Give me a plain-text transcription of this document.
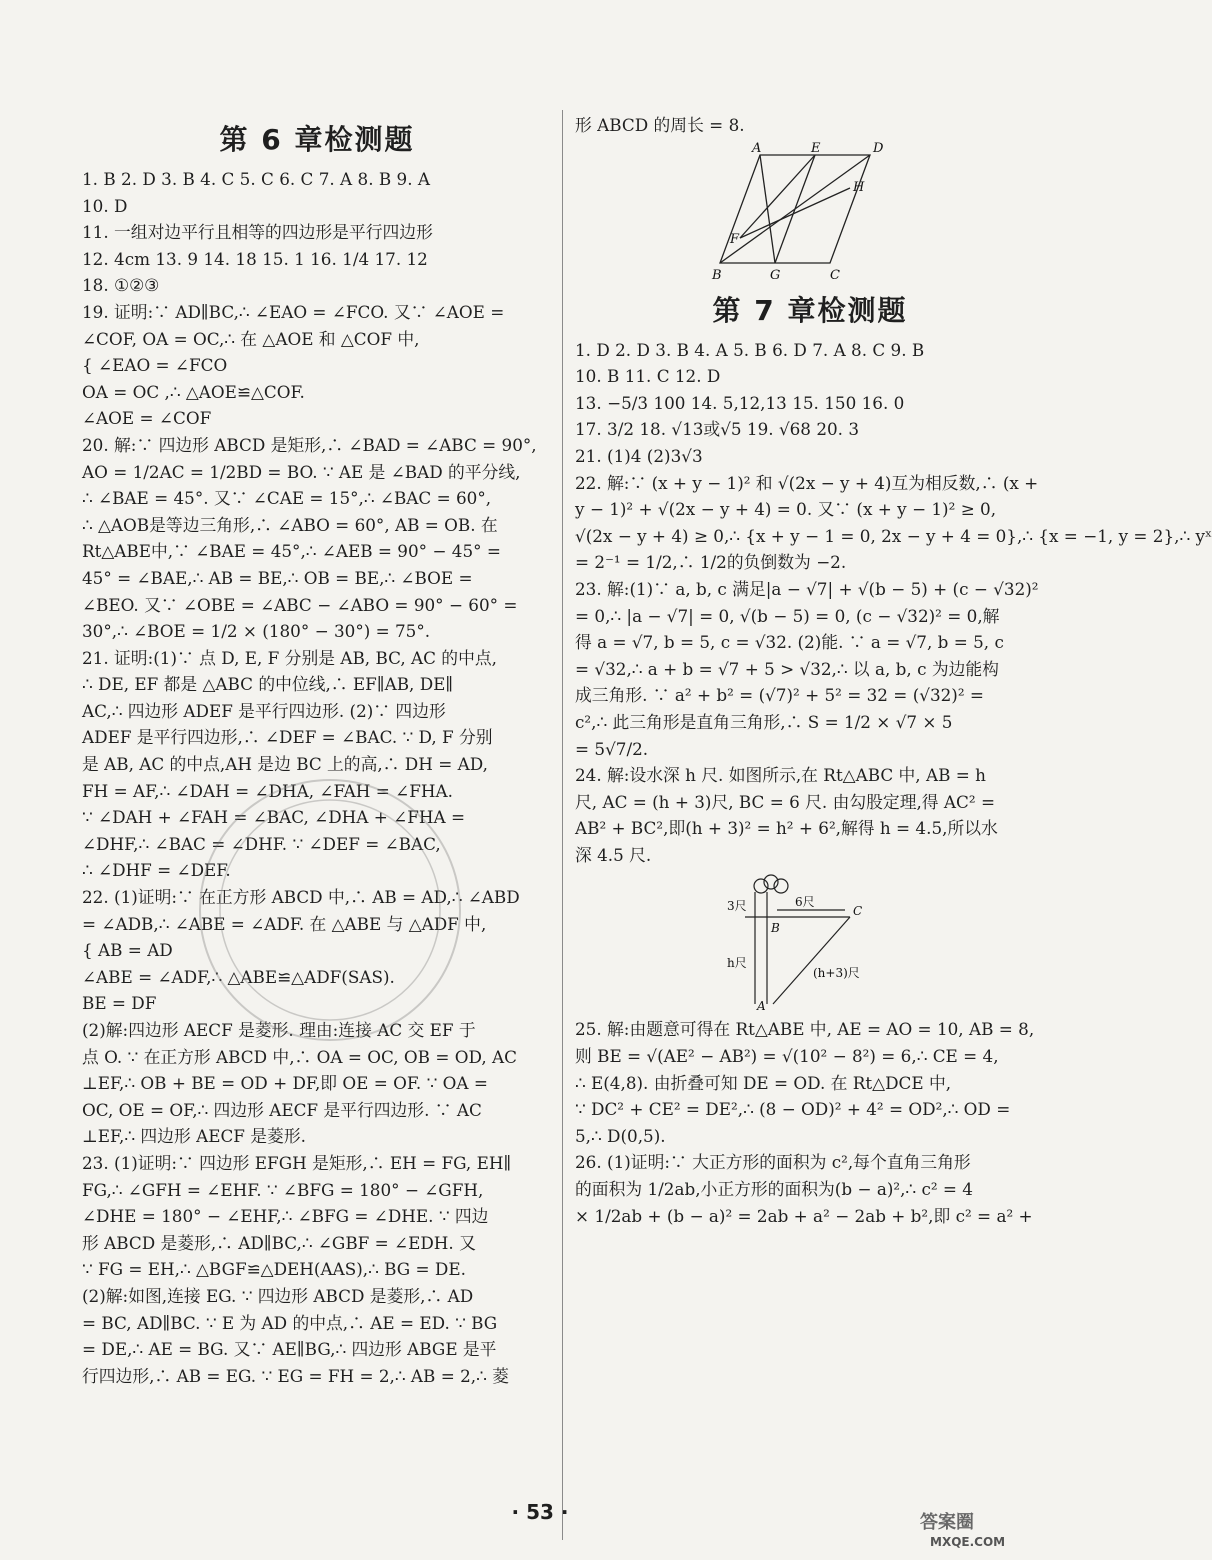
第 6 章检测题
1. B 2. D 3. B 4. C 5. C 6. C 7. A 8. B 9. A
10. D
11. 一组对边平行且相等的四边形是平行四边形
12. 4cm 13. 9 14. 18 15. 1 16. 1/4 17. 12
18. ①②③
19. 证明:∵ AD∥BC,∴ ∠EAO = ∠FCO. 又∵ ∠AOE =
∠COF, OA = OC,∴ 在 △AOE 和 △COF 中,
{ ∠EAO = ∠FCO
OA = OC ,∴ △AOE≌△COF.
∠AOE = ∠COF
20. 解:∵ 四边形 ABCD 是矩形,∴ ∠BAD = ∠ABC = 90°,
AO = 1/2AC = 1/2BD = BO. ∵ AE 是 ∠BAD 的平分线,
∴ ∠BAE = 45°. 又∵ ∠CAE = 15°,∴ ∠BAC = 60°,
∴ △AOB是等边三角形,∴ ∠ABO = 60°, AB = OB. 在
Rt△ABE中,∵ ∠BAE = 45°,∴ ∠AEB = 90° − 45° =
45° = ∠BAE,∴ AB = BE,∴ OB = BE,∴ ∠BOE =
∠BEO. 又∵ ∠OBE = ∠ABC − ∠ABO = 90° − 60° =
30°,∴ ∠BOE = 1/2 × (180° − 30°) = 75°.
21. 证明:(1)∵ 点 D, E, F 分别是 AB, BC, AC 的中点,
∴ DE, EF 都是 △ABC 的中位线,∴ EF∥AB, DE∥
AC,∴ 四边形 ADEF 是平行四边形. (2)∵ 四边形
ADEF 是平行四边形,∴ ∠DEF = ∠BAC. ∵ D, F 分别
是 AB, AC 的中点,AH 是边 BC 上的高,∴ DH = AD,
FH = AF,∴ ∠DAH = ∠DHA, ∠FAH = ∠FHA.
∵ ∠DAH + ∠FAH = ∠BAC, ∠DHA + ∠FHA =
∠DHF,∴ ∠BAC = ∠DHF. ∵ ∠DEF = ∠BAC,
∴ ∠DHF = ∠DEF.
22. (1)证明:∵ 在正方形 ABCD 中,∴ AB = AD,∴ ∠ABD
= ∠ADB,∴ ∠ABE = ∠ADF. 在 △ABE 与 △ADF 中,
{ AB = AD
∠ABE = ∠ADF,∴ △ABE≌△ADF(SAS).
BE = DF
(2)解:四边形 AECF 是菱形. 理由:连接 AC 交 EF 于
点 O. ∵ 在正方形 ABCD 中,∴ OA = OC, OB = OD, AC
⊥EF,∴ OB + BE = OD + DF,即 OE = OF. ∵ OA =
OC, OE = OF,∴ 四边形 AECF 是平行四边形. ∵ AC
⊥EF,∴ 四边形 AECF 是菱形.
23. (1)证明:∵ 四边形 EFGH 是矩形,∴ EH = FG, EH∥
FG,∴ ∠GFH = ∠EHF. ∵ ∠BFG = 180° − ∠GFH,
∠DHE = 180° − ∠EHF,∴ ∠BFG = ∠DHE. ∵ 四边
形 ABCD 是菱形,∴ AD∥BC,∴ ∠GBF = ∠EDH. 又
∵ FG = EH,∴ △BGF≌△DEH(AAS),∴ BG = DE.
(2)解:如图,连接 EG. ∵ 四边形 ABCD 是菱形,∴ AD
= BC, AD∥BC. ∵ E 为 AD 的中点,∴ AE = ED. ∵ BG
= DE,∴ AE = BG. 又∵ AE∥BG,∴ 四边形 ABGE 是平
行四边形,∴ AB = EG. ∵ EG = FH = 2,∴ AB = 2,∴ 菱
形 ABCD 的周长 = 8.
A	E	D
H
F
B	G	C
第 7 章检测题
1. D 2. D 3. B 4. A 5. B 6. D 7. A 8. C 9. B
10. B 11. C 12. D
13. −5/3 100 14. 5,12,13 15. 150 16. 0
17. 3/2 18. √13或√5 19. √68 20. 3
21. (1)4 (2)3√3
22. 解:∵ (x + y − 1)² 和 √(2x − y + 4)互为相反数,∴ (x +
y − 1)² + √(2x − y + 4) = 0. 又∵ (x + y − 1)² ≥ 0,
√(2x − y + 4) ≥ 0,∴ {x + y − 1 = 0, 2x − y + 4 = 0},∴ {x = −1, y = 2},∴ yˣ
= 2⁻¹ = 1/2,∴ 1/2的负倒数为 −2.
23. 解:(1)∵ a, b, c 满足|a − √7| + √(b − 5) + (c − √32)²
= 0,∴ |a − √7| = 0, √(b − 5) = 0, (c − √32)² = 0,解
得 a = √7, b = 5, c = √32. (2)能. ∵ a = √7, b = 5, c
= √32,∴ a + b = √7 + 5 > √32,∴ 以 a, b, c 为边能构
成三角形. ∵ a² + b² = (√7)² + 5² = 32 = (√32)² =
c²,∴ 此三角形是直角三角形,∴ S = 1/2 × √7 × 5
= 5√7/2.
24. 解:设水深 h 尺. 如图所示,在 Rt△ABC 中, AB = h
尺, AC = (h + 3)尺, BC = 6 尺. 由勾股定理,得 AC² =
AB² + BC²,即(h + 3)² = h² + 6²,解得 h = 4.5,所以水
深 4.5 尺.
3尺	6尺
C
B
h尺
(h+3)尺
A
25. 解:由题意可得在 Rt△ABE 中, AE = AO = 10, AB = 8,
则 BE = √(AE² − AB²) = √(10² − 8²) = 6,∴ CE = 4,
∴ E(4,8). 由折叠可知 DE = OD. 在 Rt△DCE 中,
∵ DC² + CE² = DE²,∴ (8 − OD)² + 4² = OD²,∴ OD =
5,∴ D(0,5).
26. (1)证明:∵ 大正方形的面积为 c²,每个直角三角形
的面积为 1/2ab,小正方形的面积为(b − a)²,∴ c² = 4
× 1/2ab + (b − a)² = 2ab + a² − 2ab + b²,即 c² = a² +
· 53 ·	答案圈
MXQE.COM
